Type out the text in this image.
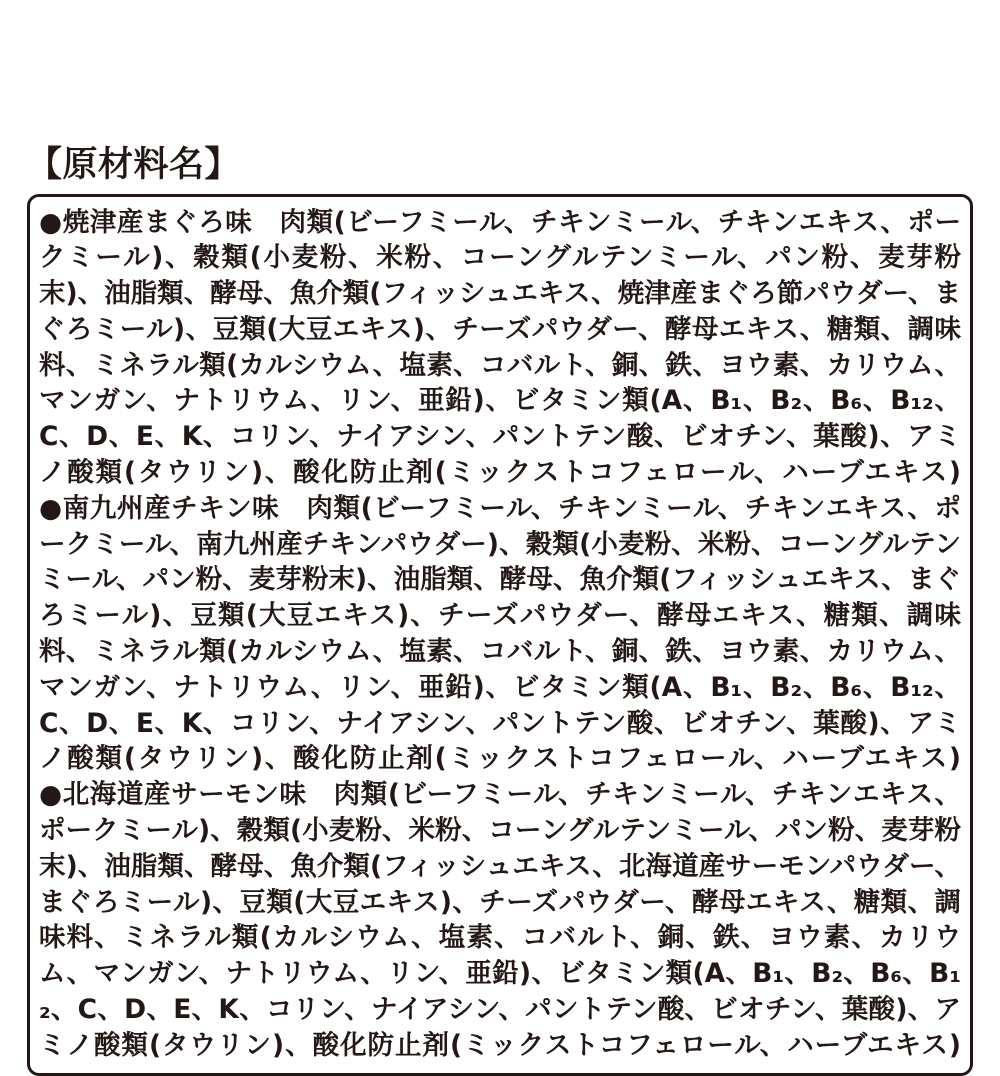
【原材料名】

●焼津産まぐろ味　肉類(ビーフミール、チキンミール、チキンエキス、ポークミール)、穀類(小麦粉、米粉、コーングルテンミール、パン粉、麦芽粉末)、油脂類、酵母、魚介類(フィッシュエキス、焼津産まぐろ節パウダー、まぐろミール)、豆類(大豆エキス)、チーズパウダー、酵母エキス、糖類、調味料、ミネラル類(カルシウム、塩素、コバルト、銅、鉄、ヨウ素、カリウム、マンガン、ナトリウム、リン、亜鉛)、ビタミン類(A、B₁、B₂、B₆、B₁₂、C、D、E、K、コリン、ナイアシン、パントテン酸、ビオチン、葉酸)、アミノ酸類(タウリン)、酸化防止剤(ミックストコフェロール、ハーブエキス)

●南九州産チキン味　肉類(ビーフミール、チキンミール、チキンエキス、ポークミール、南九州産チキンパウダー)、穀類(小麦粉、米粉、コーングルテンミール、パン粉、麦芽粉末)、油脂類、酵母、魚介類(フィッシュエキス、まぐろミール)、豆類(大豆エキス)、チーズパウダー、酵母エキス、糖類、調味料、ミネラル類(カルシウム、塩素、コバルト、銅、鉄、ヨウ素、カリウム、マンガン、ナトリウム、リン、亜鉛)、ビタミン類(A、B₁、B₂、B₆、B₁₂、C、D、E、K、コリン、ナイアシン、パントテン酸、ビオチン、葉酸)、アミノ酸類(タウリン)、酸化防止剤(ミックストコフェロール、ハーブエキス)

●北海道産サーモン味　肉類(ビーフミール、チキンミール、チキンエキス、ポークミール)、穀類(小麦粉、米粉、コーングルテンミール、パン粉、麦芽粉末)、油脂類、酵母、魚介類(フィッシュエキス、北海道産サーモンパウダー、まぐろミール)、豆類(大豆エキス)、チーズパウダー、酵母エキス、糖類、調味料、ミネラル類(カルシウム、塩素、コバルト、銅、鉄、ヨウ素、カリウム、マンガン、ナトリウム、リン、亜鉛)、ビタミン類(A、B₁、B₂、B₆、B₁₂、C、D、E、K、コリン、ナイアシン、パントテン酸、ビオチン、葉酸)、アミノ酸類(タウリン)、酸化防止剤(ミックストコフェロール、ハーブエキス)
